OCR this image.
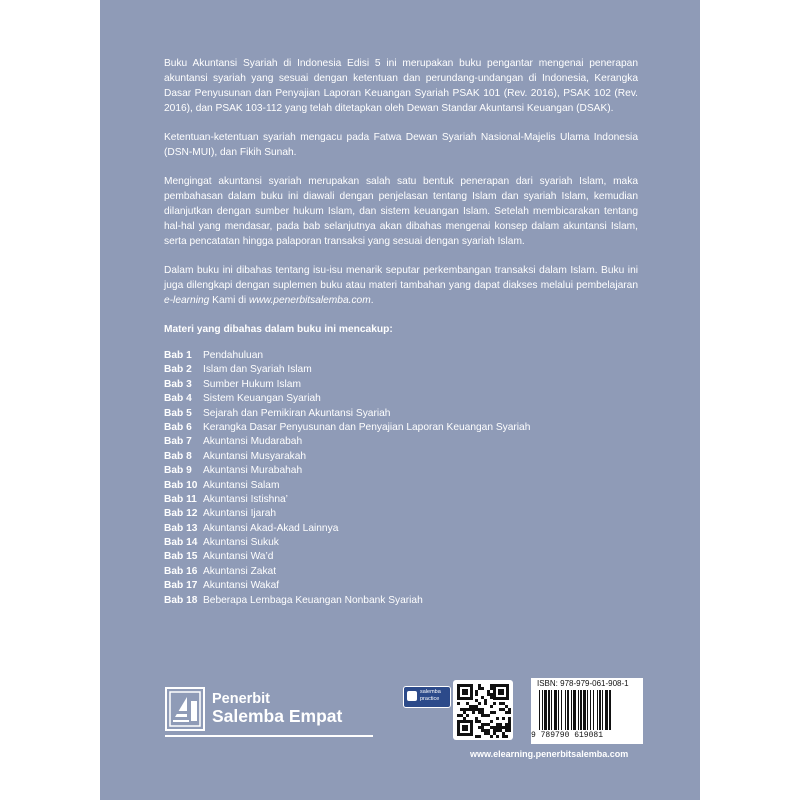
Buku Akuntansi Syariah di Indonesia Edisi 5 ini merupakan buku pengantar mengenai penerapan akuntansi syariah yang sesuai dengan ketentuan dan perundang-undangan di Indonesia, Kerangka Dasar Penyusunan dan Penyajian Laporan Keuangan Syariah PSAK 101 (Rev. 2016), PSAK 102 (Rev. 2016), dan PSAK 103-112 yang telah ditetapkan oleh Dewan Standar Akuntansi Keuangan (DSAK).

Ketentuan-ketentuan syariah mengacu pada Fatwa Dewan Syariah Nasional-Majelis Ulama Indonesia (DSN-MUI), dan Fikih Sunah.

Mengingat akuntansi syariah merupakan salah satu bentuk penerapan dari syariah Islam, maka pembahasan dalam buku ini diawali dengan penjelasan tentang Islam dan syariah Islam, kemudian dilanjutkan dengan sumber hukum Islam, dan sistem keuangan Islam. Setelah membicarakan tentang hal-hal yang mendasar, pada bab selanjutnya akan dibahas mengenai konsep dalam akuntansi Islam, serta pencatatan hingga palaporan transaksi yang sesuai dengan syariah Islam.

Dalam buku ini dibahas tentang isu-isu menarik seputar perkembangan transaksi dalam Islam. Buku ini juga dilengkapi dengan suplemen buku atau materi tambahan yang dapat diakses melalui pembelajaran e-learning Kami di www.penerbitsalemba.com.

Materi yang dibahas dalam buku ini mencakup:

Bab 1 Pendahuluan
Bab 2 Islam dan Syariah Islam
Bab 3 Sumber Hukum Islam
Bab 4 Sistem Keuangan Syariah
Bab 5 Sejarah dan Pemikiran Akuntansi Syariah
Bab 6 Kerangka Dasar Penyusunan dan Penyajian Laporan Keuangan Syariah
Bab 7 Akuntansi Mudarabah
Bab 8 Akuntansi Musyarakah
Bab 9 Akuntansi Murabahah
Bab 10 Akuntansi Salam
Bab 11 Akuntansi Istishna’
Bab 12 Akuntansi Ijarah
Bab 13 Akuntansi Akad-Akad Lainnya
Bab 14 Akuntansi Sukuk
Bab 15 Akuntansi Wa’d
Bab 16 Akuntansi Zakat
Bab 17 Akuntansi Wakaf
Bab 18 Beberapa Lembaga Keuangan Nonbank Syariah
Penerbit
Salemba Empat
salemba
practice
ISBN: 978-979-061-908-1
9 789790 619081
www.elearning.penerbitsalemba.com
